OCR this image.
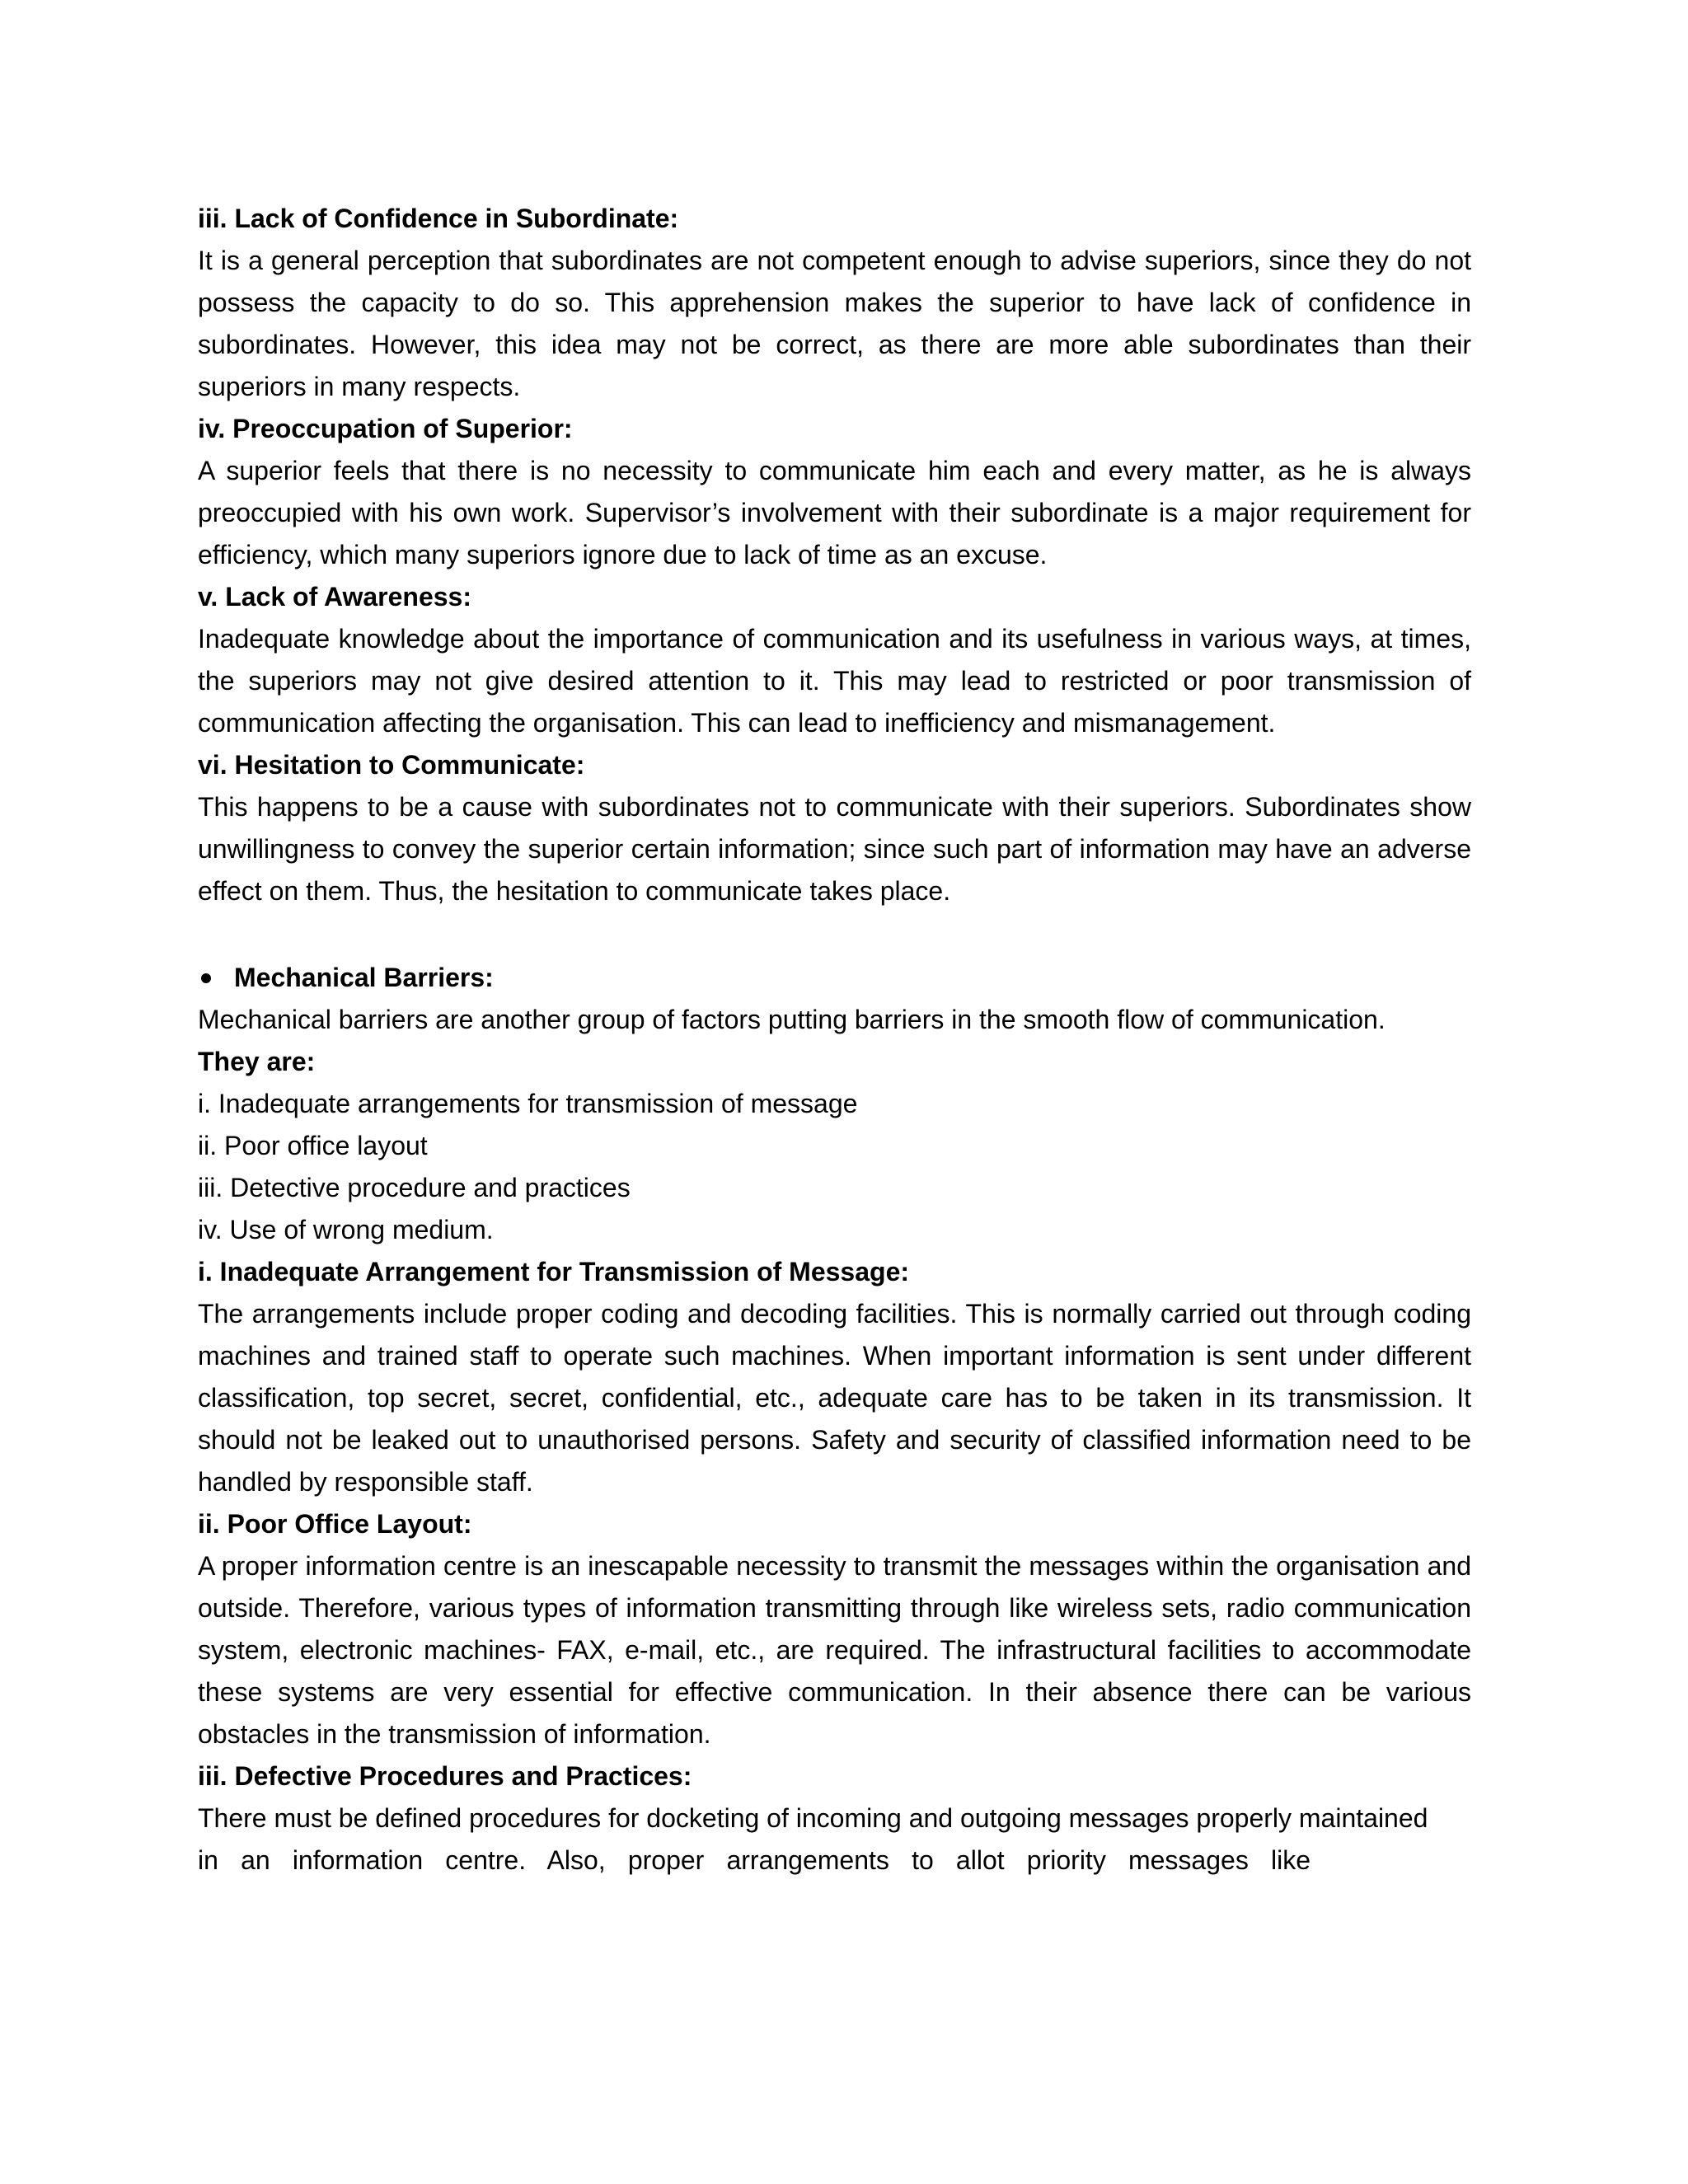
iii. Lack of Confidence in Subordinate:

It is a general perception that subordinates are not competent enough to advise superiors, since they do not possess the capacity to do so. This apprehension makes the superior to have lack of confidence in subordinates. However, this idea may not be correct, as there are more able subordinates than their superiors in many respects.

iv. Preoccupation of Superior:

A superior feels that there is no necessity to communicate him each and every matter, as he is always preoccupied with his own work. Supervisor’s involvement with their subordinate is a major requirement for efficiency, which many superiors ignore due to lack of time as an excuse.

v. Lack of Awareness:

Inadequate knowledge about the importance of communication and its usefulness in various ways, at times, the superiors may not give desired attention to it. This may lead to restricted or poor transmission of communication affecting the organisation. This can lead to inefficiency and mismanagement.

vi. Hesitation to Communicate:

This happens to be a cause with subordinates not to communicate with their superiors. Subordinates show unwillingness to convey the superior certain information; since such part of information may have an adverse effect on them. Thus, the hesitation to communicate takes place.

Mechanical Barriers:

Mechanical barriers are another group of factors putting barriers in the smooth flow of communication.

They are:

i. Inadequate arrangements for transmission of message

ii. Poor office layout

iii. Detective procedure and practices

iv. Use of wrong medium.

i. Inadequate Arrangement for Transmission of Message:

The arrangements include proper coding and decoding facilities. This is normally carried out through coding machines and trained staff to operate such machines. When important information is sent under different classification, top secret, secret, confidential, etc., adequate care has to be taken in its transmission. It should not be leaked out to unauthorised persons. Safety and security of classified information need to be handled by responsible staff.

ii. Poor Office Layout:

A proper information centre is an inescapable necessity to transmit the messages within the organisation and outside. Therefore, various types of information transmitting through like wireless sets, radio communication system, electronic machines- FAX, e-mail, etc., are required. The infrastructural facilities to accommodate these systems are very essential for effective communication. In their absence there can be various obstacles in the transmission of information.

iii. Defective Procedures and Practices:

There must be defined procedures for docketing of incoming and outgoing messages properly maintained

in an information centre. Also, proper arrangements to allot priority messages like
